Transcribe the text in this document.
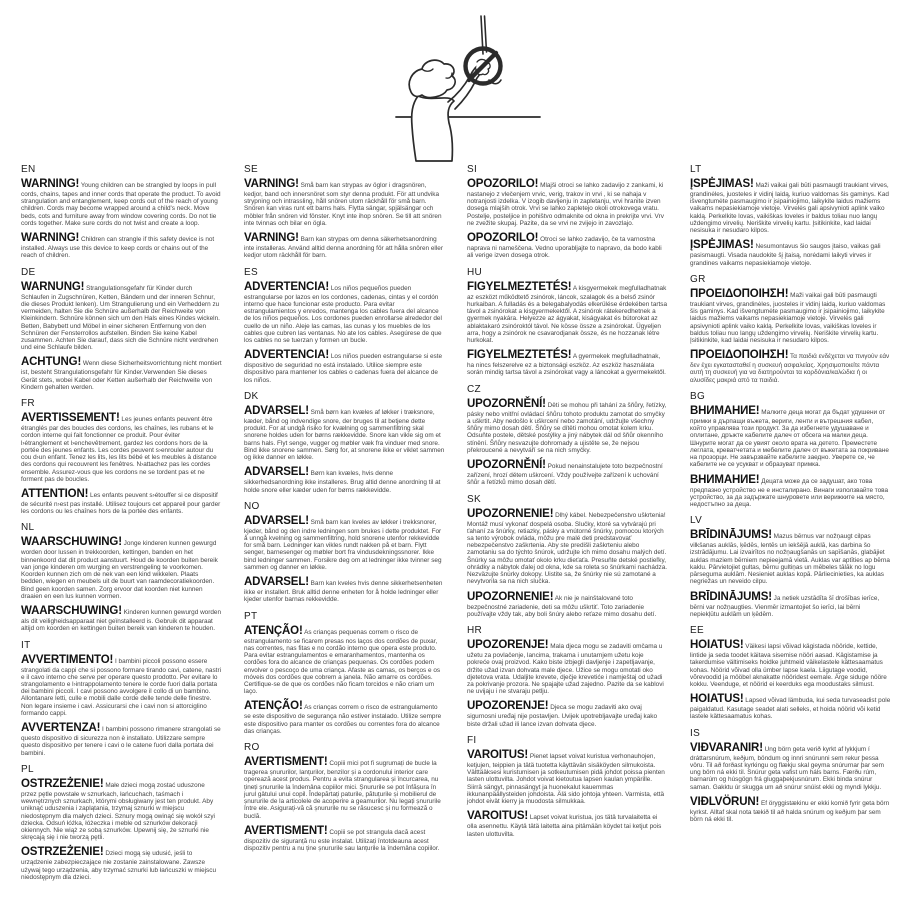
EN

WARNING! Young children can be strangled by loops in pull cords, chains, tapes and inner cords that operate the product. To avoid strangulation and entanglement, keep cords out of the reach of young children. Cords may become wrapped around a child's neck. Move beds, cots and furniture away from window covering cords. Do not tie cords together. Make sure cords do not twist and create a loop.

WARNING! Children can strangle if this safety device is not installed. Always use this device to keep cords or chains out of the reach of children.

DE

WARNUNG! Strangulationsgefahr für Kinder durch Schlaufen in Zugschnüren, Ketten, Bändern und der inneren Schnur, die dieses Produkt lenken). Um Strangulierung und ein Verheddern zu vermeiden, halten Sie die Schnüre außerhalb der Reichweite von Kleinkindern. Schnüre können sich um den Hals eines Kindes wickeln. Betten, Babybett und Möbel in einer sicheren Entfernung von den Schnüren der Fensterrollos aufstellen. Binden Sie keine Kabel zusammen. Achten Sie darauf, dass sich die Schnüre nicht verdrehen und eine Schlaufe bilden.

ACHTUNG! Wenn diese Sicherheitsvorrichtung nicht montiert ist, besteht Strangulationsgefahr für Kinder.Verwenden Sie dieses Gerät stets, wobei Kabel oder Ketten außerhalb der Reichweite von Kindern gehalten werden.

FR

AVERTISSEMENT! Les jeunes enfants peuvent être étranglés par des boucles des cordons, les chaînes, les rubans et le cordon interne qui fait fonctionner ce produit. Pour éviter l›étranglement et l›enchevêtrement, gardez les cordons hors de la portée des jeunes enfants. Les cordes peuvent s›enrouler autour du cou d›un enfant. Tenez les lits, les lits bébé et les meubles à distance des cordons qui recouvrent les fenêtres. N›attachez pas les cordes ensemble. Assurez-vous que les cordons ne se tordent pas et ne forment pas de boucles.

ATTENTION! Les enfants peuvent s›étouffer si ce dispositif de sécurité n›est pas installé. Utilisez toujours cet appareil pour garder les cordons ou les chaînes hors de la portée des enfants.

NL

WAARSCHUWING! Jonge kinderen kunnen gewurgd worden door lussen in trekkoorden, kettingen, banden en het binnenkoord dat dit product aanstuurt. Houd de koorden buiten bereik van jonge kinderen om wurging en verstrengeling te voorkomen. Koorden kunnen zich om de nek van een kind wikkelen. Plaats bedden, wiegen en meubels uit de buurt van raamdecoratiekoorden. Bind geen koorden samen. Zorg ervoor dat koorden niet kunnen draaien en een lus kunnen vormen.

WAARSCHUWING! Kinderen kunnen gewurgd worden als dit veiligheidsapparaat niet geïnstalleerd is. Gebruik dit apparaat altijd om koorden en kettingen buiten bereik van kinderen te houden.

IT

AVVERTIMENTO! I bambini piccoli possono essere strangolati da cappi che si possono formare tirando cavi, catene, nastri e il cavo interno che serve per operare questo prodotto. Per evitare lo strangolamento e l›intrappolamento tenere le corde fuori dalla portata dei bambini piccoli. I cavi possono avvolgere il collo di un bambino. Allontanare letti, culle e mobili dalle corde delle tende delle finestre. Non legare insieme i cavi. Assicurarsi che i cavi non si attorciglino formando cappi.

AVVERTENZA! I bambini possono rimanere strangolati se questo dispositivo di sicurezza non è installato. Utilizzare sempre questo dispositivo per tenere i cavi o le catene fuori dalla portata dei bambini.

PL

OSTRZEŻENIE! Małe dzieci mogą zostać uduszone przez pętle powstałe w sznurkach, łańcuchach, taśmach i wewnętrznych sznurkach, którymi obsługiwany jest ten produkt. Aby uniknąć uduszenia i zaplątania, trzymaj sznurki w miejscu niedostępnym dla małych dzieci. Sznury mogą owinąć się wokół szyi dziecka. Odsuń łóżka, łóżeczka i meble od sznurków dekoracji okiennych. Nie wiąż ze sobą sznurków. Upewnij się, że sznurki nie skręcają się i nie tworzą pętli.

OSTRZEŻENIE! Dzieci mogą się udusić, jeśli to urządzenie zabezpieczające nie zostanie zainstalowane. Zawsze używaj tego urządzenia, aby trzymać sznurki lub łańcuszki w miejscu niedostępnym dla dzieci.

SE

VARNING! Små barn kan strypas av öglor i dragsnören, kedjor, band och innersnöret som styr denna produkt. För att undvika strypning och intrassling, håll snören utom räckhåll för små barn. Snören kan viras runt ett barns hals. Flytta sängar, spjälsängar och möbler från snören vid fönster. Knyt inte ihop snören. Se till att snören inte tvinnas och bilar en ögla.

VARNING! Barn kan strypas om denna säkerhetsanordning inte installeras. Använd alltid denna anordning för att hålla snören eller kedjor utom räckhåll för barn.

ES

ADVERTENCIA! Los niños pequeños pueden estrangularse por lazos en los cordones, cadenas, cintas y el cordón interno que hace funcionar este producto. Para evitar estrangulamientos y enredos, mantenga los cables fuera del alcance de los niños pequeños. Los cordones pueden enrollarse alrededor del cuello de un niño. Aleje las camas, las cunas y los muebles de los cables que cubren las ventanas. No ate los cables. Asegúrese de que los cables no se tuerzan y formen un bucle.

ADVERTENCIA! Los niños pueden estrangularse si este dispositivo de seguridad no está instalado. Utilice siempre este dispositivo para mantener los cables o cadenas fuera del alcance de los niños.

DK

ADVARSEL! Små børn kan kvæles af løkker i træksnore, kæder, bånd og indvendige snore, der bruges til at betjene dette produkt. For at undgå risiko for kvælning og sammenfiltring skal snorene holdes uden for børns rækkevidde. Snore kan vikle sig om et barns hals. Flyt senge, vugger og møbler væk fra vinduer med snore. Bind ikke snorene sammen. Sørg for, at snorene ikke er viklet sammen og ikke danner en løkke.

ADVARSEL! Børn kan kvæles, hvis denne sikkerhedsanordning ikke installeres. Brug altid denne anordning til at holde snore eller kæder uden for børns rækkevidde.

NO

ADVARSEL! Små barn kan kveles av løkker i trekksnorer, kjeder, bånd og den indre ledningen som brukes i dette produktet. For å unngå kvelning og sammenfiltring, hold snorene utenfor rekkevidde for små barn. Ledninger kan vikles rundt nakken på et barn. Flytt senger, barnesenger og møbler bort fra vindusdekningssnorer. Ikke bind ledninger sammen. Forsikre deg om at ledninger ikke tvinner seg sammen og danner en løkke.

ADVARSEL! Barn kan kveles hvis denne sikkerhetsenheten ikke er installert. Bruk alltid denne enheten for å holde ledninger eller kjeder utenfor barnas rekkevidde.

PT

ATENÇÃO! As crianças pequenas correm o risco de estrangulamento se ficarem presas nos laços dos cordões de puxar, nas correntes, nas fitas e no cordão interno que opera este produto. Para evitar estrangulamentos e emaranhamentos, mantenha os cordões fora do alcance de crianças pequenas. Os cordões podem envolver o pescoço de uma criança. Afaste as camas, os berços e os móveis dos cordões que cobrem a janela. Não amarre os cordões. Certifique-se de que os cordões não ficam torcidos e não criam um laço.

ATENÇÃO! As crianças correm o risco de estrangulamento se este dispositivo de segurança não estiver instalado. Utilize sempre este dispositivo para manter os cordões ou correntes fora do alcance das crianças.

RO

AVERTISMENT! Copiii mici pot fi sugrumați de bucle la tragerea șnururilor, lanțurilor, benzilor și a cordonului interior care operează acest produs. Pentru a evita strangularea și încurcarea, nu țineți șnururile la îndemâna copiilor mici. Șnururile se pot înfășura în jurul gâtului unui copil. Îndepărtați paturile, pătuțurile și mobilierul de șnururile de la articolele de acoperire a geamurilor. Nu legați șnururile între ele. Asigurați-vă că șnururile nu se răsucesc și nu formează o buclă.

AVERTISMENT! Copiii se pot strangula dacă acest dispozitiv de siguranță nu este instalat. Utilizați întotdeauna acest dispozitiv pentru a nu ține șnururile sau lanțurile la îndemâna copiilor.

SI

OPOZORILO! Mlajši otroci se lahko zadavijo z zankami, ki nastanejo z vlečenjem vrvic, verig, trakov in vrvi , ki se nahaja v notranjosti izdelka. V izogib davljenju in zapletanju, vrvi hranite izven dosega mlajših otrok. Vrvi se lahko zapletejo okoli otrokovega vratu. Postelje, posteljice in pohištvo odmaknite od okna in prekrijte vrvi. Vrv ne zvežite skupaj. Pazite, da se vrvi ne zvijejo in zavozlajo.

OPOZORILO! Otroci se lahko zadavijo, če ta varnostna naprava ni nameščena. Vedno uporabljajte to napravo, da bodo kabli ali verige izven dosega otrok.

HU

FIGYELMEZTETÉS! A kisgyermekek megfulladhatnak az eszközt működtető zsinórok, láncok, szalagok és a belső zsinór hurkaiban. A fulladás és a belegabalyodás elkerülése érdekében tartsa távol a zsinórokat a kisgyermekektől. A zsinórok rátekeredhetnek a gyermek nyakára. Helyezze az ágyakat, kiságyakat és bútorokat az ablaktakaró zsinóroktól távol. Ne kösse össze a zsinórokat. Ügyeljen arra, hogy a zsinórok ne csavarodjanak össze, és ne hozzanak létre hurkokat.

FIGYELMEZTETÉS! A gyermekek megfulladhatnak, ha nincs felszerelve ez a biztonsági eszköz. Az eszköz használata során mindig tartsa távol a zsinórokat vagy a láncokat a gyermekektől.

CZ

UPOZORNĚNÍ! Děti se mohou při tahání za šňůry, řetízky, pásky nebo vnitřní ovládací šňůru tohoto produktu zamotat do smyčky a uškrtit. Aby nedošlo k uškrcení nebo zamotání, udržujte všechny šňůry mimo dosah dětí. Šňůry se dítěti mohou omotat kolem krku. Odsuňte postele, dětské postýlky a jiný nábytek dál od šňůr okenního stínění. Šňůry nesvazujte dohromady a ujistěte se, že nejsou překroucené a nevytváří se na nich smyčky.

UPOZORNĚNÍ! Pokud nenainstalujete toto bezpečnostní zařízení, hrozí dětem uškrcení. Vždy používejte zařízení k uchování šňůr a řetízků mimo dosah dětí.

SK

UPOZORNENIE! Dlhý kábel. Nebezpečenstvo uškrtenia! Montáž musí vykonať dospelá osoba. Slučky, ktoré sa vytvárajú pri ťahaní za šnúrky, retiazky, pásky a vnútorné šnúrky, pomocou ktorých sa tento výrobok ovláda, môžu pre malé deti predstavovať nebezpečenstvo zaškrtenia. Aby ste predišli zaškrteniu alebo zamotaniu sa do týchto šnúrok, udržujte ich mimo dosahu malých detí. Šnúrky sa môžu omotať okolo krku dieťaťa. Presuňte detské postieľky, ohrádky a nábytok ďalej od okna, kde sa roleta so šnúrkami nachádza. Nezväzujte šnúrky dokopy. Uistite sa, že šnúrky nie sú zamotané a nevytvorila sa na nich slučka.

UPOZORNENIE! Ak nie je nainštalované toto bezpečnostné zariadenie, deti sa môžu uškrtiť. Toto zariadenie používajte vždy tak, aby boli šnúry alebo reťaze mimo dosahu detí.

HR

UPOZORENJE! Mala djeca mogu se zadaviti omčama u užetu za povlačenje, lancima, trakama i unutarnjem užetu koje pokreće ovaj proizvod. Kako biste izbjegli davljenje i zapetljavanje, držite užad izvan dohvata male djece. Užice se mogu omotati oko djetetova vrata. Udaljite krevete, dječje krevetiće i namještaj od užadi za pokrivanje prozora. Ne spajajte užad zajedno. Pazite da se kablovi ne uvijaju i ne stvaraju petlju.

UPOZORENJE! Djeca se mogu zadaviti ako ovaj sigurnosni uređaj nije postavljen. Uvijek upotrebljavajte uređaj kako biste držali užad ili lance izvan dohvata djece.

FI

VAROITUS! Pienet lapset voivat kuristua verhonauhojen, ketjujen, teippien ja tätä tuotetta käyttävän sisäköyden silmukoista. Välttääksesi kuristumisen ja sotkeutumisen pidä johdot poissa pienten lasten ulottuvilta. Johdot voivat kietoutua lapsen kaulan ympärille. Siirrä sängyt, pinnasängyt ja huonekalut kauemmas ikkunanpäällysteiden johdoista. Älä sido johtoja yhteen. Varmista, että johdot eivät kierry ja muodosta silmukkaa.

VAROITUS! Lapset voivat kuristua, jos tätä turvalaitetta ei olla asennettu. Käytä tätä laitetta aina pitämään köydet tai ketjut pois lasten ulottuvilta.

LT

ĮSPĖJIMAS! Maži vaikai gali būti pasmaugti traukiant virves, grandinėles, juosteles ir vidinį laidą, kuriuo valdomas šis gaminys. Kad išvengtumėte pasmaugimo ir įsipainiojimo, laikykite laidus mažiems vaikams nepasiekiamoje vietoje. Virvelės gali apsivynioti aplink vaiko kaklą. Perkelkite lovas, vaikiškas loveles ir baldus toliau nuo langų uždengimo virvelių. Neriškite virvelių kartu. Įsitikinkite, kad laidai nesisuka ir nesudaro kilpos.

ĮSPĖJIMAS! Nesumontavus šio saugos įtaiso, vaikas gali pasismaugti. Visada naudokite šį įtaisą, norėdami laikyti virves ir grandines vaikams nepasiekiamoje vietoje.

GR

ΠΡΟΕΙΔΟΠΟΙΗΣΗ! Maži vaikai gali būti pasmaugti traukiant virves, grandinėles, juosteles ir vidinį laidą, kuriuo valdomas šis gaminys. Kad išvengtumėte pasmaugimo ir įsipainiojimo, laikykite laidus mažiems vaikams nepasiekiamoje vietoje. Virvelės gali apsivynioti aplink vaiko kaklą. Perkelkite lovas, vaikiškas loveles ir baldus toliau nuo langų uždengimo virvelių. Neriškite virvelių kartu. Įsitikinkite, kad laidai nesisuka ir nesudaro kilpos.

ΠΡΟΕΙΔΟΠΟΙΗΣΗ! Τα παιδιά ενδέχεται να πνιγούν εάν δεν έχει εγκατασταθεί η συσκευή ασφαλείας. Χρησιμοποιείτε πάντα αυτή τη συσκευή για να διατηρούνται τα κορδόνια/καλώδια ή οι αλυσίδες μακριά από τα παιδιά.

BG

ВНИМАНИЕ! Малките деца могат да бъдат удушени от примки в дърпащи въжета, вериги, ленти и вътрешния кабел, който управлява този продукт. За да избегнете удушаване и оплитане, дръжте кабелите далеч от обсега на малки деца. Шнурите могат да се увият около врата на детето. Преместете леглата, креватчетата и мебелите далеч от въжетата за покриване на прозорци. Не завързвайте кабелите заедно. Уверете се, че кабелите не се усукват и образуват примка.

ВНИМАНИЕ! Децата може да се задушат, ако това предпазно устройство не е инсталирано. Винаги използвайте това устройство, за да задържате шнуровете или верижките на място, недостъпно за деца.

LV

BRĪDINĀJUMS! Mazus bērnus var nožņaugt cilpas vilkšanas auklās, ķēdēs, lentēs un iekšējā auklā, kas darbina šo izstrādājumu. Lai izvairītos no nožņaugšanās un sapīšanās, glabājiet auklas maziem bērniem nepieejamā vietā. Auklas var aptīties ap bērna kaklu. Pārvietojiet gultas, bērnu gultiņas un mēbeles tālāk no logu pārseguma auklām. Nesieniet auklas kopā. Pārliecinieties, ka auklas negriežas un neveido cilpu.

BRĪDINĀJUMS! Ja netiek uzstādīta šī drošības ierīce, bērni var nožņaugties. Vienmēr izmantojiet šo ierīci, lai bērni nepiekļūtu auklām un ķēdēm.

EE

HOIATUS! Väikesi lapsi võivad kägistada nööride, kettide, lintide ja seda toodet käitava sisemise nööri aasad. Kägistamise ja takerdumise vältimiseks hoidke juhtmeid väikelastele kättesaamatus kohas. Nöörid võivad olla ümber lapse kaela. Liigutage voodid, võrevoodid ja mööbel aknakatte nööridest eemale. Ärge siduge nööre kokku. Veenduge, et nöörid ei keerduks ega moodustaks silmust.

HOIATUS! Lapsed võivad lämbuda, kui seda turvaseadist pole paigaldatud. Kasutage seadet alati selleks, et hoida nöörid või ketid lastele kättesaamatus kohas.

IS

VIÐVARANIR! Ung börn geta verið kyrkt af lykkjum í dráttarsnúrum, keðjum, böndum og innri snúrunni sem rekur þessa vöru. Til að forðast kyrkingu og flækju skal geyma snúrurnar þar sem ung börn ná ekki til. Snúrur geta vafist um háls barns. Færðu rúm, barnarúm og húsgögn frá gluggaþekjusnúrum. Ekki binda snúrur saman. Gakktu úr skugga um að snúrur snúist ekki og myndi lykkju.

VIÐLVÖRUN! Ef öryggistækinu er ekki komið fyrir geta börn kyrkst. Alltaf skal nota tækið til að halda snúrum og keðjum þar sem börn ná ekki til.
